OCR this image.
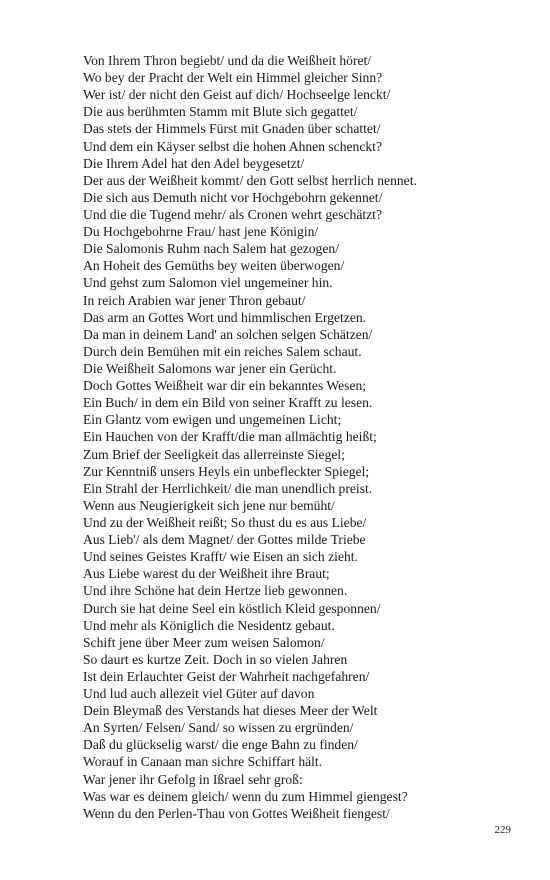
Von Ihrem Thron begiebt/ und da die Weißheit höret/
Wo bey der Pracht der Welt ein Himmel gleicher Sinn?
Wer ist/ der nicht den Geist auf dich/ Hochseelge lenckt/
Die aus berühmten Stamm mit Blute sich gegattet/
Das stets der Himmels Fürst mit Gnaden über schattet/
Und dem ein Käyser selbst die hohen Ahnen schenckt?
Die Ihrem Adel hat den Adel beygesetzt/
Der aus der Weißheit kommt/ den Gott selbst herrlich nennet.
Die sich aus Demuth nicht vor Hochgebohrn gekennet/
Und die die Tugend mehr/ als Cronen wehrt geschätzt?
Du Hochgebohrne Frau/ hast jene Königin/
Die Salomonis Ruhm nach Salem hat gezogen/
An Hoheit des Gemüths bey weiten überwogen/
Und gehst zum Salomon viel ungemeiner hin.
In reich Arabien war jener Thron gebaut/
Das arm an Gottes Wort und himmlischen Ergetzen.
Da man in deinem Land' an solchen selgen Schätzen/
Durch dein Bemühen mit ein reiches Salem schaut.
Die Weißheit Salomons war jener ein Gerücht.
Doch Gottes Weißheit war dir ein bekanntes Wesen;
Ein Buch/ in dem ein Bild von seiner Krafft zu lesen.
Ein Glantz vom ewigen und ungemeinen Licht;
Ein Hauchen von der Krafft/die man allmächtig heißt;
Zum Brief der Seeligkeit das allerreinste Siegel;
Zur Kenntniß unsers Heyls ein unbefleckter Spiegel;
Ein Strahl der Herrlichkeit/ die man unendlich preist.
Wenn aus Neugierigkeit sich jene nur bemüht/
Und zu der Weißheit reißt; So thust du es aus Liebe/
Aus Lieb'/ als dem Magnet/ der Gottes milde Triebe
Und seines Geistes Krafft/ wie Eisen an sich zieht.
Aus Liebe warest du der Weißheit ihre Braut;
Und ihre Schöne hat dein Hertze lieb gewonnen.
Durch sie hat deine Seel ein köstlich Kleid gesponnen/
Und mehr als Königlich die Nesidentz gebaut.
Schift jene über Meer zum weisen Salomon/
So daurt es kurtze Zeit. Doch in so vielen Jahren
Ist dein Erlauchter Geist der Wahrheit nachgefahren/
Und lud auch allezeit viel Güter auf davon
Dein Bleymaß des Verstands hat dieses Meer der Welt
An Syrten/ Felsen/ Sand/ so wissen zu ergründen/
Daß du glückselig warst/ die enge Bahn zu finden/
Worauf in Canaan man sichre Schiffart hält.
War jener ihr Gefolg in Ißrael sehr groß:
Was war es deinem gleich/ wenn du zum Himmel giengest?
Wenn du den Perlen-Thau von Gottes Weißheit fiengest/
229
